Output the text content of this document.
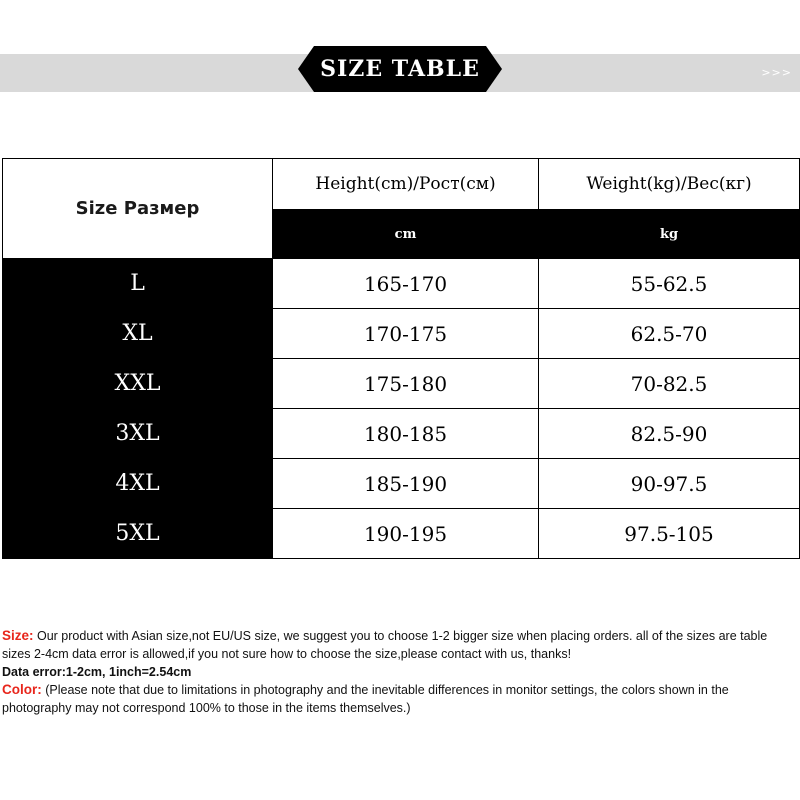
>>>
SIZE TABLE
Size Размер	Height(cm)/Рост(см)	Weight(kg)/Вес(кг)
	cm	kg
L	165-170	55-62.5
XL	170-175	62.5-70
XXL	175-180	70-82.5
3XL	180-185	82.5-90
4XL	185-190	90-97.5
5XL	190-195	97.5-105

Size: Our product with Asian size,not EU/US size, we suggest you to choose 1-2 bigger size when placing orders. all of the sizes are table sizes 2-4cm data error is allowed,if you not sure how to choose the size,please contact with us, thanks!

Data error:1-2cm, 1inch=2.54cm

Color: (Please note that due to limitations in photography and the inevitable differences in monitor settings, the colors shown in the photography may not correspond 100% to those in the items themselves.)
